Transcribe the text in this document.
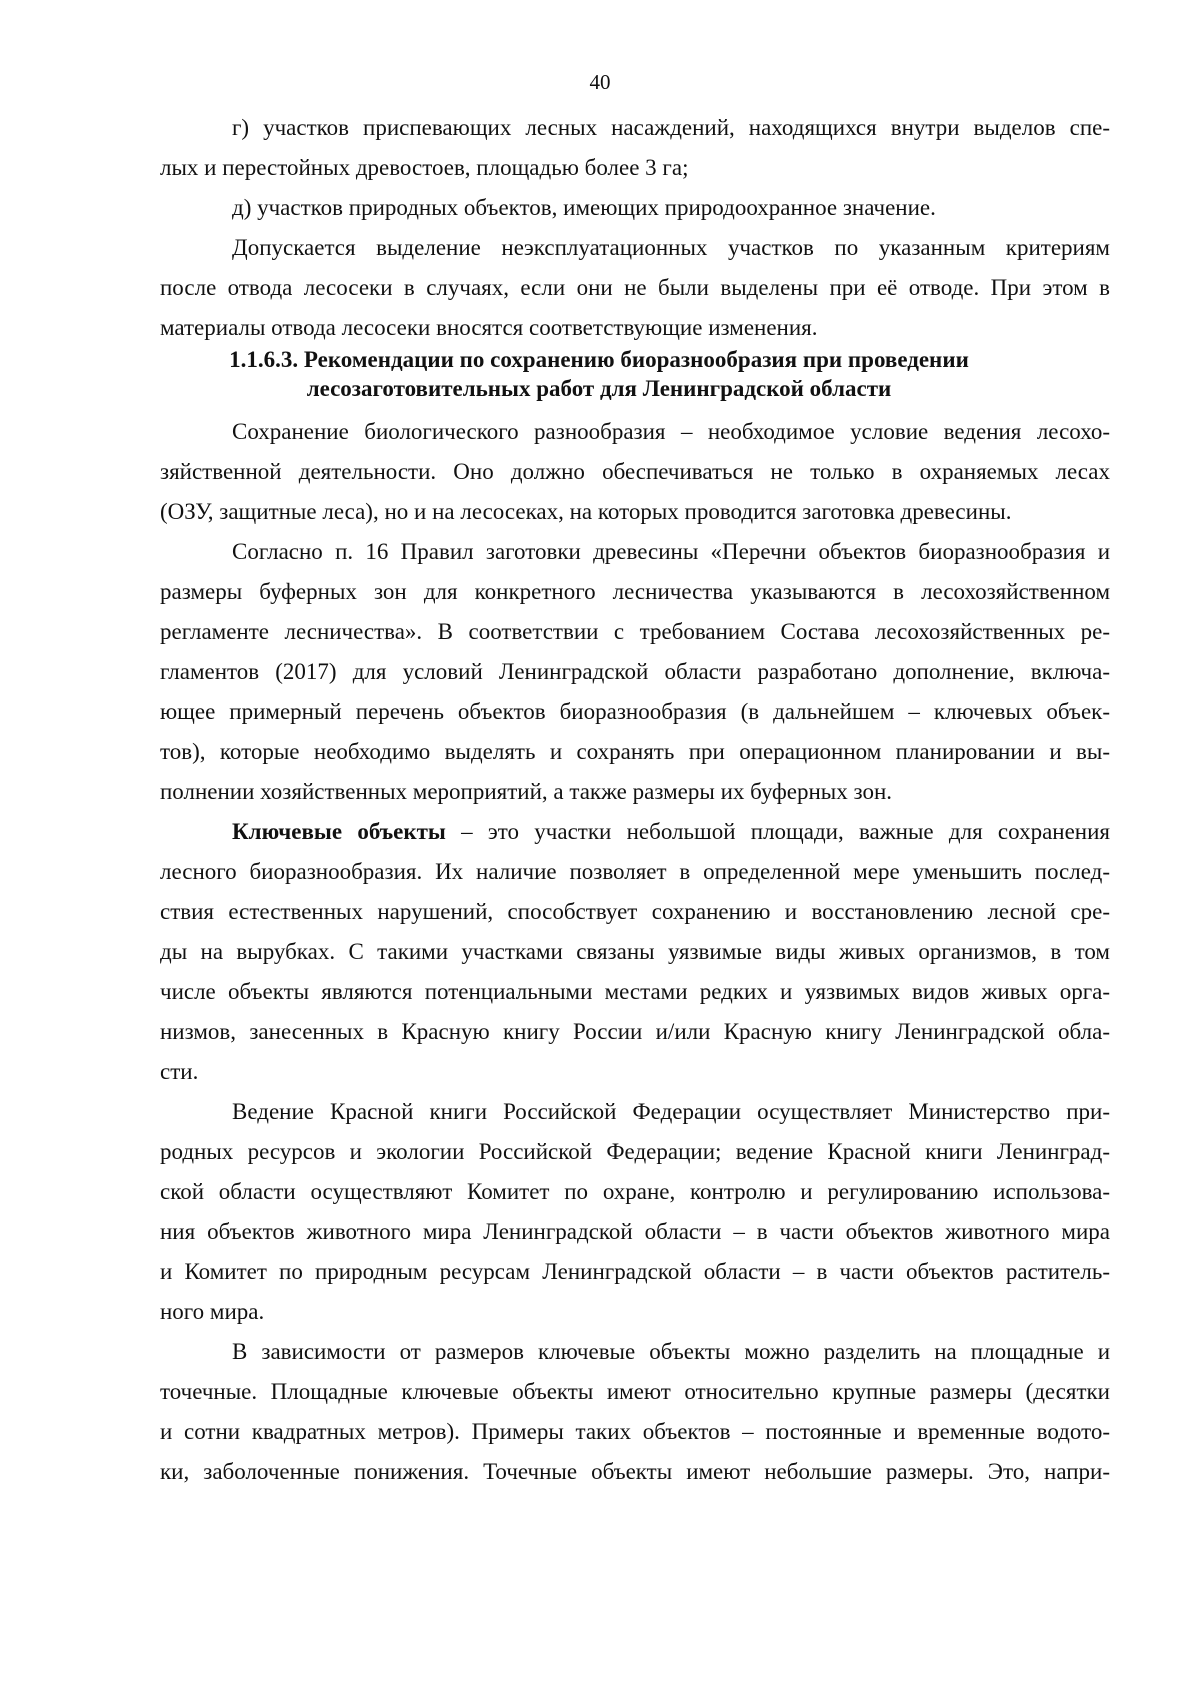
40
г) участков приспевающих лесных насаждений, находящихся внутри выделов спе-
лых и перестойных древостоев, площадью более 3 га;
д) участков природных объектов, имеющих природоохранное значение.
Допускается выделение неэксплуатационных участков по указанным критериям
после отвода лесосеки в случаях, если они не были выделены при её отводе. При этом в
материалы отвода лесосеки вносятся соответствующие изменения.
1.1.6.3. Рекомендации по сохранению биоразнообразия при проведении
лесозаготовительных работ для Ленинградской области
Сохранение биологического разнообразия – необходимое условие ведения лесохо-
зяйственной деятельности. Оно должно обеспечиваться не только в охраняемых лесах
(ОЗУ, защитные леса), но и на лесосеках, на которых проводится заготовка древесины.
Согласно п. 16 Правил заготовки древесины «Перечни объектов биоразнообразия и
размеры буферных зон для конкретного лесничества указываются в лесохозяйственном
регламенте лесничества». В соответствии с требованием Состава лесохозяйственных ре-
гламентов (2017) для условий Ленинградской области разработано дополнение, включа-
ющее примерный перечень объектов биоразнообразия (в дальнейшем – ключевых объек-
тов), которые необходимо выделять и сохранять при операционном планировании и вы-
полнении хозяйственных мероприятий, а также размеры их буферных зон.
Ключевые объекты – это участки небольшой площади, важные для сохранения
лесного биоразнообразия. Их наличие позволяет в определенной мере уменьшить послед-
ствия естественных нарушений, способствует сохранению и восстановлению лесной сре-
ды на вырубках. С такими участками связаны уязвимые виды живых организмов, в том
числе объекты являются потенциальными местами редких и уязвимых видов живых орга-
низмов, занесенных в Красную книгу России и/или Красную книгу Ленинградской обла-
сти.
Ведение Красной книги Российской Федерации осуществляет Министерство при-
родных ресурсов и экологии Российской Федерации; ведение Красной книги Ленинград-
ской области осуществляют Комитет по охране, контролю и регулированию использова-
ния объектов животного мира Ленинградской области – в части объектов животного мира
и Комитет по природным ресурсам Ленинградской области – в части объектов раститель-
ного мира.
В зависимости от размеров ключевые объекты можно разделить на площадные и
точечные. Площадные ключевые объекты имеют относительно крупные размеры (десятки
и сотни квадратных метров). Примеры таких объектов – постоянные и временные водото-
ки, заболоченные понижения. Точечные объекты имеют небольшие размеры. Это, напри-
